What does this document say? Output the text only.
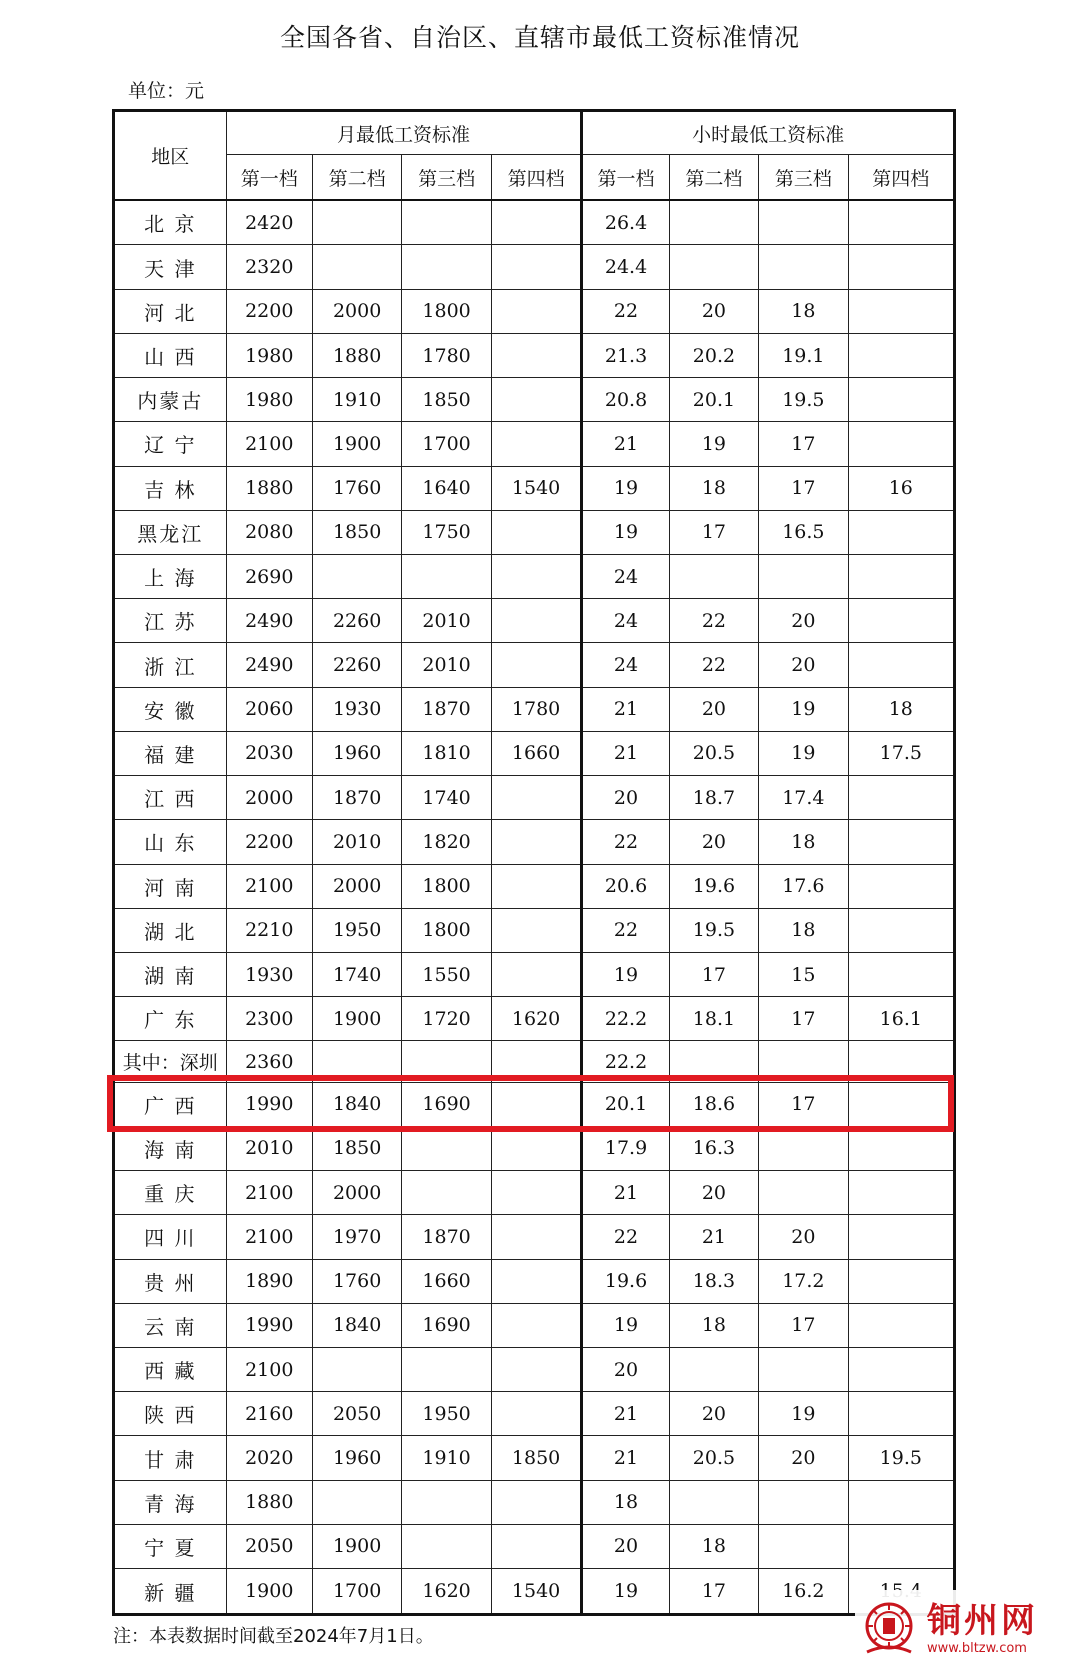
全国各省、自治区、直辖市最低工资标准情况
单位：元
地区	月最低工资标准				小时最低工资标准			
	第一档	第二档	第三档	第四档	第一档	第二档	第三档	第四档
北 京	2420				26.4			
天 津	2320				24.4			
河 北	2200	2000	1800		22	20	18	
山 西	1980	1880	1780		21.3	20.2	19.1	
内蒙古	1980	1910	1850		20.8	20.1	19.5	
辽 宁	2100	1900	1700		21	19	17	
吉 林	1880	1760	1640	1540	19	18	17	16
黑龙江	2080	1850	1750		19	17	16.5	
上 海	2690				24			
江 苏	2490	2260	2010		24	22	20	
浙 江	2490	2260	2010		24	22	20	
安 徽	2060	1930	1870	1780	21	20	19	18
福 建	2030	1960	1810	1660	21	20.5	19	17.5
江 西	2000	1870	1740		20	18.7	17.4	
山 东	2200	2010	1820		22	20	18	
河 南	2100	2000	1800		20.6	19.6	17.6	
湖 北	2210	1950	1800		22	19.5	18	
湖 南	1930	1740	1550		19	17	15	
广 东	2300	1900	1720	1620	22.2	18.1	17	16.1
其中：深圳	2360				22.2			
广 西	1990	1840	1690		20.1	18.6	17	
海 南	2010	1850			17.9	16.3		
重 庆	2100	2000			21	20		
四 川	2100	1970	1870		22	21	20	
贵 州	1890	1760	1660		19.6	18.3	17.2	
云 南	1990	1840	1690		19	18	17	
西 藏	2100				20			
陕 西	2160	2050	1950		21	20	19	
甘 肃	2020	1960	1910	1850	21	20.5	20	19.5
青 海	1880				18			
宁 夏	2050	1900			20	18		
新 疆	1900	1700	1620	1540	19	17	16.2	
注：本表数据时间截至2024年7月1日。	铜州网
www.bltzw.com
